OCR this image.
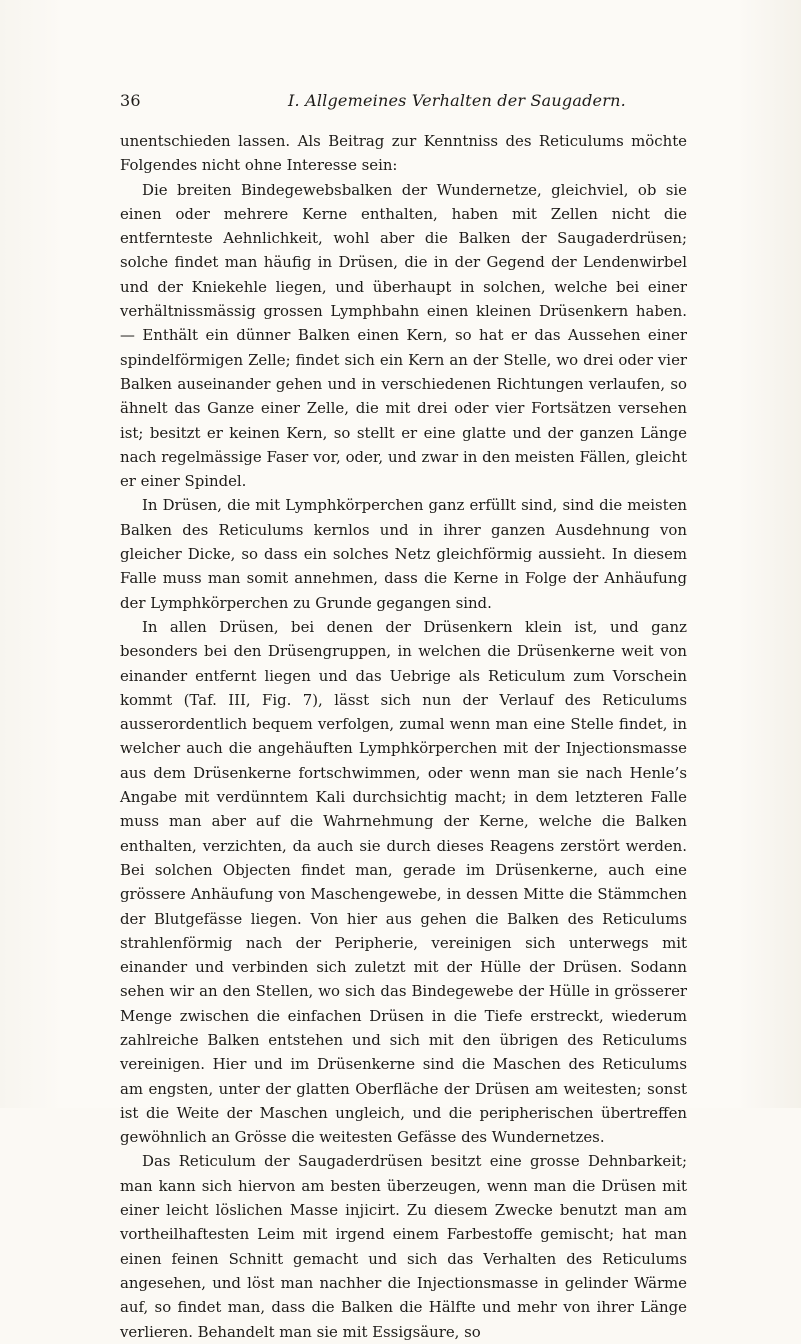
36	I. Allgemeines Verhalten der Saugadern.

unentschieden lassen. Als Beitrag zur Kenntniss des Reticulums möchte Folgendes nicht ohne Interesse sein:

Die breiten Bindegewebsbalken der Wundernetze, gleichviel, ob sie einen oder mehrere Kerne enthalten, haben mit Zellen nicht die entfernteste Aehnlichkeit, wohl aber die Balken der Saugaderdrüsen; solche findet man häufig in Drüsen, die in der Gegend der Lendenwirbel und der Kniekehle liegen, und überhaupt in solchen, welche bei einer verhältnissmässig grossen Lymphbahn einen kleinen Drüsenkern haben. — Enthält ein dünner Balken einen Kern, so hat er das Aussehen einer spindelförmigen Zelle; findet sich ein Kern an der Stelle, wo drei oder vier Balken auseinander gehen und in verschiedenen Richtungen verlaufen, so ähnelt das Ganze einer Zelle, die mit drei oder vier Fortsätzen versehen ist; besitzt er keinen Kern, so stellt er eine glatte und der ganzen Länge nach regelmässige Faser vor, oder, und zwar in den meisten Fällen, gleicht er einer Spindel.

In Drüsen, die mit Lymphkörperchen ganz erfüllt sind, sind die meisten Balken des Reticulums kernlos und in ihrer ganzen Ausdehnung von gleicher Dicke, so dass ein solches Netz gleichförmig aussieht. In diesem Falle muss man somit annehmen, dass die Kerne in Folge der Anhäufung der Lymphkörperchen zu Grunde gegangen sind.

In allen Drüsen, bei denen der Drüsenkern klein ist, und ganz besonders bei den Drüsengruppen, in welchen die Drüsenkerne weit von einander entfernt liegen und das Uebrige als Reticulum zum Vorschein kommt (Taf. III, Fig. 7), lässt sich nun der Verlauf des Reticulums ausserordentlich bequem verfolgen, zumal wenn man eine Stelle findet, in welcher auch die angehäuften Lymphkörperchen mit der Injectionsmasse aus dem Drüsenkerne fortschwimmen, oder wenn man sie nach Henle’s Angabe mit verdünntem Kali durchsichtig macht; in dem letzteren Falle muss man aber auf die Wahrnehmung der Kerne, welche die Balken enthalten, verzichten, da auch sie durch dieses Reagens zerstört werden. Bei solchen Objecten findet man, gerade im Drüsenkerne, auch eine grössere Anhäufung von Maschengewebe, in dessen Mitte die Stämmchen der Blutgefässe liegen. Von hier aus gehen die Balken des Reticulums strahlenförmig nach der Peripherie, vereinigen sich unterwegs mit einander und verbinden sich zuletzt mit der Hülle der Drüsen. Sodann sehen wir an den Stellen, wo sich das Bindegewebe der Hülle in grösserer Menge zwischen die einfachen Drüsen in die Tiefe erstreckt, wiederum zahlreiche Balken entstehen und sich mit den übrigen des Reticulums vereinigen. Hier und im Drüsenkerne sind die Maschen des Reticulums am engsten, unter der glatten Oberfläche der Drüsen am weitesten; sonst ist die Weite der Maschen ungleich, und die peripherischen übertreffen gewöhnlich an Grösse die weitesten Gefässe des Wundernetzes.

Das Reticulum der Saugaderdrüsen besitzt eine grosse Dehnbarkeit; man kann sich hiervon am besten überzeugen, wenn man die Drüsen mit einer leicht löslichen Masse injicirt. Zu diesem Zwecke benutzt man am vortheilhaftesten Leim mit irgend einem Farbestoffe gemischt; hat man einen feinen Schnitt gemacht und sich das Verhalten des Reticulums angesehen, und löst man nachher die Injectionsmasse in gelinder Wärme auf, so findet man, dass die Balken die Hälfte und mehr von ihrer Länge verlieren. Behandelt man sie mit Essigsäure, so
